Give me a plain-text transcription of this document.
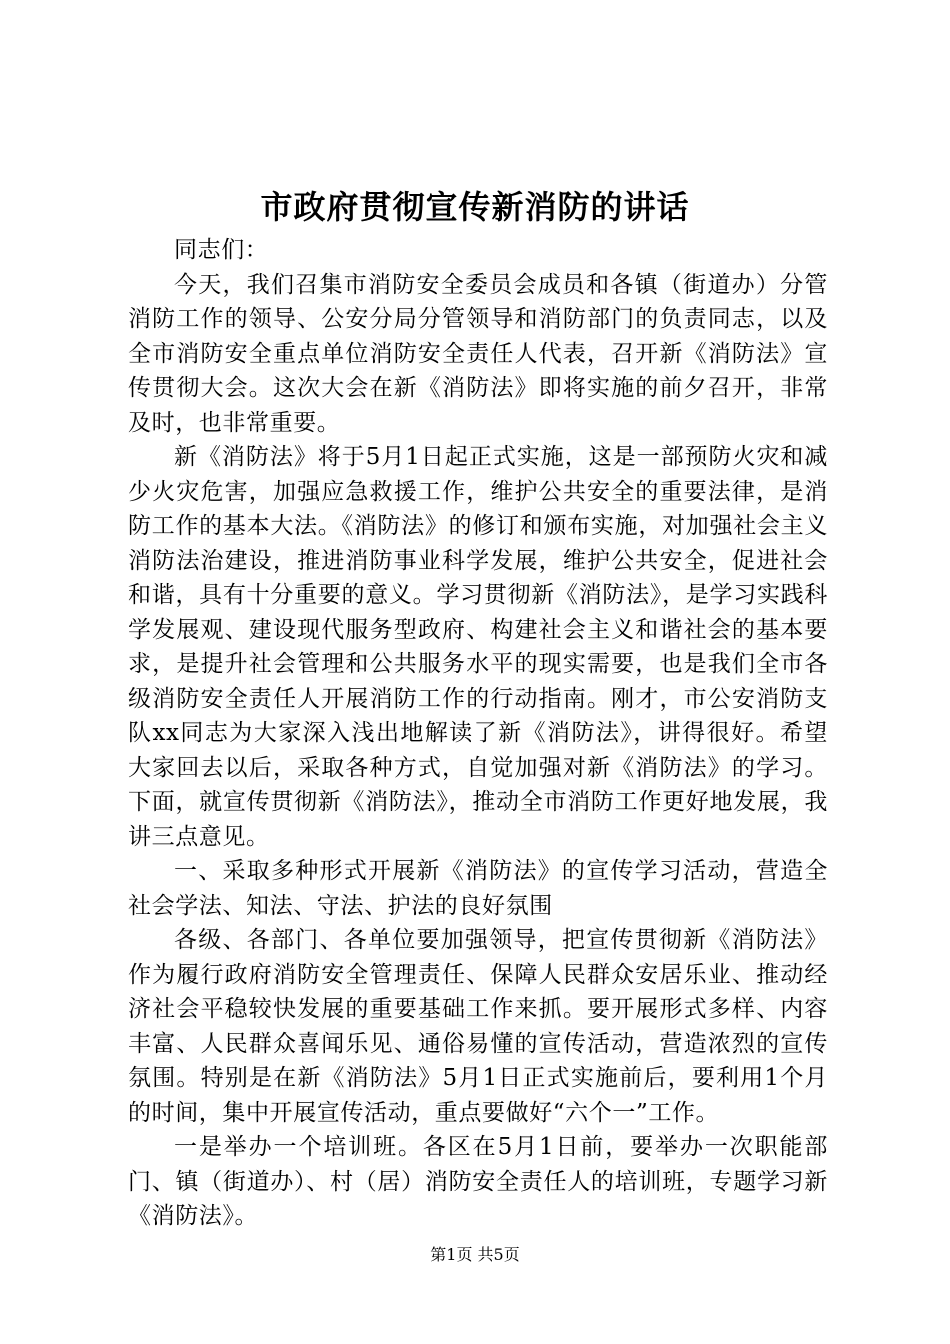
市政府贯彻宣传新消防的讲话

同志们：

今天，我们召集市消防安全委员会成员和各镇（街道办）分管消防工作的领导、公安分局分管领导和消防部门的负责同志，以及全市消防安全重点单位消防安全责任人代表，召开新《消防法》宣传贯彻大会。这次大会在新《消防法》即将实施的前夕召开，非常及时，也非常重要。

新《消防法》将于5月1日起正式实施，这是一部预防火灾和减少火灾危害，加强应急救援工作，维护公共安全的重要法律，是消防工作的基本大法。《消防法》的修订和颁布实施，对加强社会主义消防法治建设，推进消防事业科学发展，维护公共安全，促进社会和谐，具有十分重要的意义。学习贯彻新《消防法》，是学习实践科学发展观、建设现代服务型政府、构建社会主义和谐社会的基本要求，是提升社会管理和公共服务水平的现实需要，也是我们全市各级消防安全责任人开展消防工作的行动指南。刚才，市公安消防支队xx同志为大家深入浅出地解读了新《消防法》，讲得很好。希望大家回去以后，采取各种方式，自觉加强对新《消防法》的学习。下面，就宣传贯彻新《消防法》，推动全市消防工作更好地发展，我讲三点意见。

一、采取多种形式开展新《消防法》的宣传学习活动，营造全社会学法、知法、守法、护法的良好氛围

各级、各部门、各单位要加强领导，把宣传贯彻新《消防法》作为履行政府消防安全管理责任、保障人民群众安居乐业、推动经济社会平稳较快发展的重要基础工作来抓。要开展形式多样、内容丰富、人民群众喜闻乐见、通俗易懂的宣传活动，营造浓烈的宣传氛围。特别是在新《消防法》5月1日正式实施前后，要利用1个月的时间，集中开展宣传活动，重点要做好“六个一”工作。

一是举办一个培训班。各区在5月1日前，要举办一次职能部门、镇（街道办）、村（居）消防安全责任人的培训班，专题学习新《消防法》。

第1页 共5页
